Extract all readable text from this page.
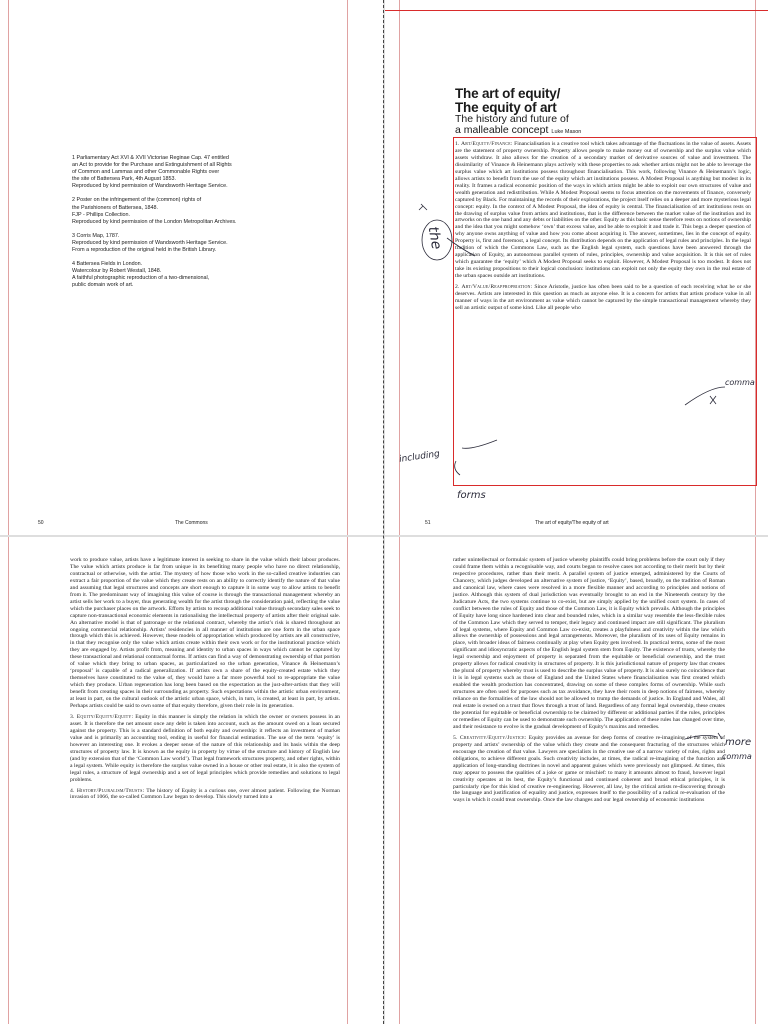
1 Parliamentary Act XVI & XVII Victoriae Reginae Cap. 47 entitled
an Act to provide for the Purchase and Extinguishment of all Rights
of Common and Lammas and other Commonable Rights over
the site of Battersea Park, 4th August 1853.
Reproduced by kind permission of Wandsworth Heritage Service.

2 Poster on the infringement of the (common) rights of
the Parishioners of Battersea, 1848.
FJP - Phillips Collection.
Reproduced by kind permission of the London Metropolitan Archives.

3 Corris Map, 1787.
Reproduced by kind permission of Wandsworth Heritage Service.
From a reproduction of the original held in the British Library.

4 Battersea Fields in London.
Watercolour by Robert Westall, 1848.
A faithful photographic reproduction of a two-dimensional,
public domain work of art.

50	The Commons

The art of equity/
The equity of art

The history and future of
a malleable concept Luke Mason

1. Art/Equity/Finance: Financialisation is a creative tool which takes advantage of the fluctuations in the value of assets. Assets are the statement of property ownership. Property allows people to make money out of ownership and the surplus value which assets withdraw. It also allows for the creation of a secondary market of derivative sources of value and investment. The dissimilarity of Vinance & Heinemann plays actively with these properties to ask whether artists might not be able to leverage the surplus value which art institutions possess throughout financialisation. This work, following Vinance & Heinemann’s logic, allows artists to benefit from the use of the equity which art institutions possess. A Modest Proposal is anything but modest in its reality. It frames a radical economic position of the ways in which artists might be able to exploit our own structures of value and wealth generation and redistribution. While A Modest Proposal seems to focus attention on the movements of finance, conversely captured by Black. For maintaining the records of their explorations, the project itself relies on a deeper and more mysterious legal concept: equity. In the context of A Modest Proposal, the idea of equity is central. The financialisation of art institutions rests on the drawing of surplus value from artists and institutions, that is the difference between the market value of the institution and its artworks on the one hand and any debts or liabilities on the other. Equity as this basic sense therefore rests on notions of ownership and the idea that you might somehow ‘own’ that excess value, and be able to exploit it and trade it. This begs a deeper question of why anyone owns anything of value and how you come about acquiring it. The answer, sometimes, lies in the concept of equity. Property is, first and foremost, a legal concept. Its distribution depends on the application of legal rules and principles. In the legal tradition of which the Commons Law, such as the English legal system, such questions have been answered through the application of Equity, an autonomous parallel system of rules, principles, ownership and value acquisition. It is this set of rules which guarantee the ‘equity’ which A Modest Proposal seeks to exploit. However, A Modest Proposal is too modest. It does not take its existing propositions to their logical conclusion: institutions can exploit not only the equity they own in the real estate of the urban spaces outside art institutions.

2. Art/Value/Reappropriation: Since Aristotle, justice has often been said to be a question of each receiving what he or she deserves. Artists are interested in this question as much as anyone else. It is a concern for artists that artists produce value in all manner of ways in the art environment as value which cannot be captured by the simple transactional management whereby they sell an artistic output of some kind. Like all people who

51	The art of equity/The equity of art
the
comma
including
forms

work to produce value, artists have a legitimate interest in seeking to share in the value which their labour produces. The value which artists produce is far from unique in its benefiting many people who have no direct relationship, contractual or otherwise, with the artist. The mystery of how those who work in the so-called creative industries can extract a fair proportion of the value which they create rests on an ability to correctly identify the nature of that value and assuming that legal structures and concepts are short enough to capture it in some way to allow artists to benefit from it. The predominant way of imagining this value of course is through the transactional management whereby an artist sells her work to a buyer, thus generating wealth for the artist through the consideration paid, reflecting the value which the purchaser places on the artwork. Efforts by artists to recoup additional value through secondary sales seek to capture non-transactional economic elements in rationalising the intellectual property of artists after their original sale. An alternative model is that of patronage or the relational contract, whereby the artist’s risk is shared throughout an ongoing commercial relationship. Artists’ residencies in all manner of institutions are one form in the urban space through which this is achieved. However, these models of appropriation which produced by artists are all constructive, in that they recognise only the value which artists create within their own work or for the institutional practice which they are engaged by. Artists profit from, meaning and identity to urban spaces in ways which cannot be captured by these transactional and relational contractual forms. If artists can find a way of demonstrating ownership of that portion of value which they bring to urban spaces, as particularized so the urban generation, Vinance & Heinemann’s ‘proposal’ is capable of a radical generalization. If artists own a share of the equity-created estate which they themselves have constituted to the value of, they would have a far more powerful tool to re-appropriate the value which they produce. Urban regeneration has long been based on the expectation as the just-after-artists that they will benefit from creating spaces in their surrounding as property. Such expectations within the artistic urban environment, at least in part, on the cultural outlook of the artistic urban space, which, in turn, is created, at least in part, by artists. Perhaps artists could be said to own some of that equity therefore, given their role in its generation.

3. Equity/Equity/Equity: Equity in this manner is simply the relation in which the owner or owners possess in an asset. It is therefore the net amount once any debt is taken into account, such as the amount owed on a loan secured against the property. This is a standard definition of both equity and ownership: it reflects an investment of market value and is primarily an accounting tool, ending in useful for financial estimation. The use of the term ‘equity’ is however an interesting one. It evokes a deeper sense of the nature of this relationship and its basis within the deep structures of property law. It is known as the equity in property by virtue of the structure and history of English law (and by extension that of the ‘Common Law world’). That legal framework structures property, and other rights, within a legal system. While equity is therefore the surplus value owned in a house or other real estate, it is also the system of legal rules, a structure of legal ownership and a set of legal principles which provide remedies and solutions to legal problems.

4. History/Pluralism/Trusts: The history of Equity is a curious one, over almost patient. Following the Norman invasion of 1066, the so-called Common Law began to develop. This slowly turned into a

rather unintellectual or formulaic system of justice whereby plaintiffs could bring problems before the court only if they could frame them within a recognisable way, and courts began to resolve cases not according to their merit but by their respective procedures, rather than their merit. A parallel system of justice emerged, administered by the Courts of Chancery, which judges developed an alternative system of justice, ‘Equity’, based, broadly, on the tradition of Roman and canonical law, where cases were resolved in a more flexible manner and according to principles and notions of justice. Although this system of dual jurisdiction was eventually brought to an end in the Nineteenth century by the Judicature Acts, the two systems continue to co-exist, but are simply applied by the unified court system. In cases of conflict between the rules of Equity and those of the Common Law, it is Equity which prevails. Although the principles of Equity have long since hardened into clear and bounded rules, which in a similar way resemble the less-flexible rules of the Common Law which they served to temper, their legacy and continued impact are still significant. The pluralism of legal systems, where Equity and Common Law co-exist, creates a playfulness and creativity within the law which allows the ownership of possessions and legal arrangements. Moreover, the pluralism of its uses of Equity remains in place, with broader ideas of fairness continually at play when Equity gets involved. In practical terms, some of the most significant and idiosyncratic aspects of the English legal system stem from Equity. The existence of trusts, whereby the legal ownership and enjoyment of property is separated from the equitable or beneficial ownership, and the trust property allows for radical creativity in structures of property. It is this jurisdictional nature of property law that creates the plural of property whereby trust is used to describe the surplus value of property. It is also surely no coincidence that it is in legal systems such as those of England and the United States where financialisation was first created which enabled the wealth production has concentrated, drawing on some of these complex forms of ownership. While such structures are often used for purposes such as tax avoidance, they have their roots in deep notions of fairness, whereby reliance on the formalities of the law should not be allowed to trump the demands of justice. In England and Wales, all real estate is owned on a trust that flows through a trust of land. Regardless of any formal legal ownership, these creates the potential for equitable or beneficial ownership to be claimed by different or additional parties if the rules, principles or remedies of Equity can be used to demonstrate such ownership. The application of these rules has changed over time, and their resistance to evolve is the gradual development of Equity’s maxims and remedies.

5. Creativity/Equity/Justice: Equity provides an avenue for deep forms of creative re-imagining of the system of property and artists’ ownership of the value which they create and the consequent fracturing of the structures which encourage the creation of that value. Lawyers are specialists in the creative use of a narrow variety of rules, rights and obligations, to achieve different goals. Such creativity includes, at times, the radical re-imagining of the function and application of long-standing doctrines in novel and apparent guises which were previously not glimpsed. At times, this may appear to possess the qualities of a joke or game or mischief: to many it amounts almost to fraud, however legal creativity operates at its best, the Equity’s functional and continued coherent and broad ethical principles, it is particularly ripe for this kind of creative re-engineering. However, all law, by the critical artists re-discovering through the language and justification of equality and justice, expresses itself to the possibility of a radical re-evaluation of the ways in which it could treat ownership. Once the law changes and our legal ownership of economic institutions

more
comma
